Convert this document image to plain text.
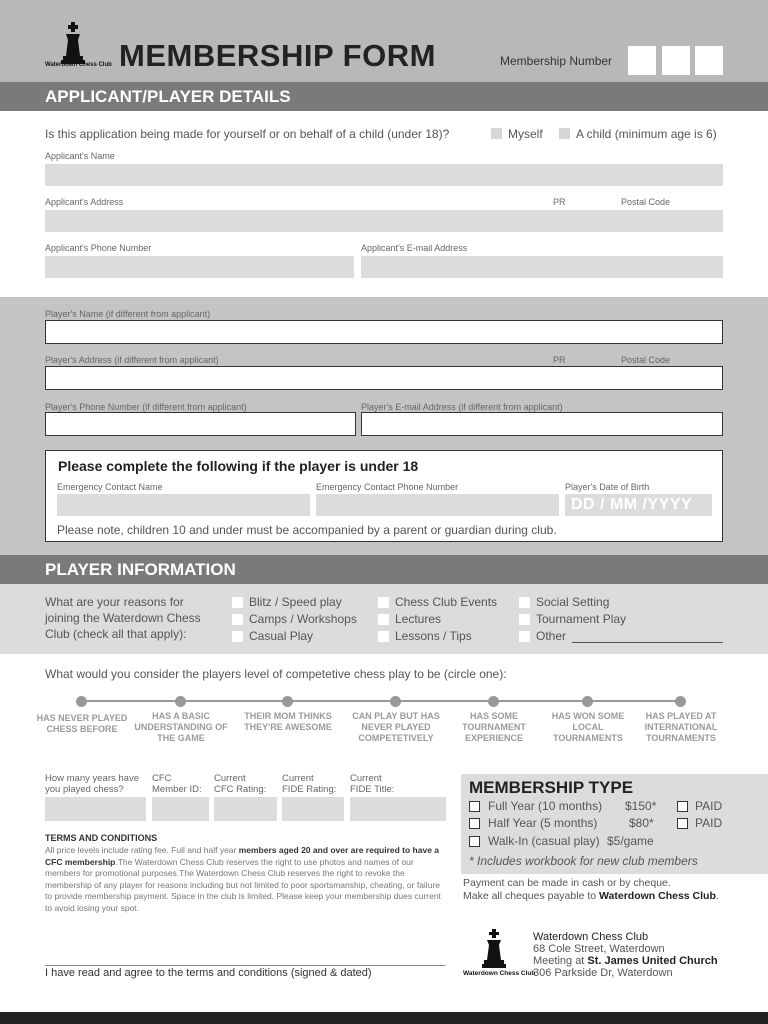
Waterdown Chess Club MEMBERSHIP FORM	Membership Number
APPLICANT/PLAYER DETAILS
Is this application being made for yourself or on behalf of a child (under 18)?	Myself	A child (minimum age is 6)
Applicant's Name
Applicant's Address	PR	Postal Code
Applicant's Phone Number	Applicant's E-mail Address
Player's Name (if different from applicant)
Player's Address (if different from applicant)	PR	Postal Code
Player's Phone Number (if different from applicant)	Player's E-mail Address (if different from applicant)
Please complete the following if the player is under 18
Emergency Contact Name	Emergency Contact Phone Number	Player's Date of Birth
DD / MM /YYYY
Please note, children 10 and under must be accompanied by a parent or guardian during club.
PLAYER INFORMATION
What are your reasons for
joining the Waterdown Chess
Club (check all that apply):
Blitz / Speed play
Camps / Workshops
Casual Play
Chess Club Events
Lectures
Lessons / Tips
Social Setting
Tournament Play
Other
What would you consider the players level of competetive chess play to be (circle one):
HAS NEVER PLAYED CHESS BEFORE
HAS A BASIC UNDERSTANDING OF THE GAME
THEIR MOM THINKS THEY'RE AWESOME
CAN PLAY BUT HAS NEVER PLAYED COMPETETIVELY
HAS SOME TOURNAMENT EXPERIENCE
HAS WON SOME LOCAL TOURNAMENTS
HAS PLAYED AT INTERNATIONAL TOURNAMENTS
How many years have
you played chess?
CFC
Member ID:
Current
CFC Rating:
Current
FIDE Rating:
Current
FIDE Title:
TERMS AND CONDITIONS
All price levels include rating fee. Full and half year members aged 20 and over are required to have a CFC membership.The Waterdown Chess Club reserves the right to use photos and names of our members for promotional purposes.The Waterdown Chess Club reserves the right to revoke the membership of any player for reasons including but not limited to poor sportsmanship, cheating, or failure to provide membership payment. Space in the club is limited. Please keep your membership dues current to avoid losing your spot.
MEMBERSHIP TYPE
Full Year (10 months) $150*	PAID
Half Year (5 months)	$80*	PAID
Walk-In (casual play) $5/game
* Includes workbook for new club members
Payment can be made in cash or by cheque.
Make all cheques payable to Waterdown Chess Club.
Waterdown Chess Club
Waterdown Chess Club
68 Cole Street, Waterdown
Meeting at St. James United Church
306 Parkside Dr, Waterdown
I have read and agree to the terms and conditions (signed & dated)
